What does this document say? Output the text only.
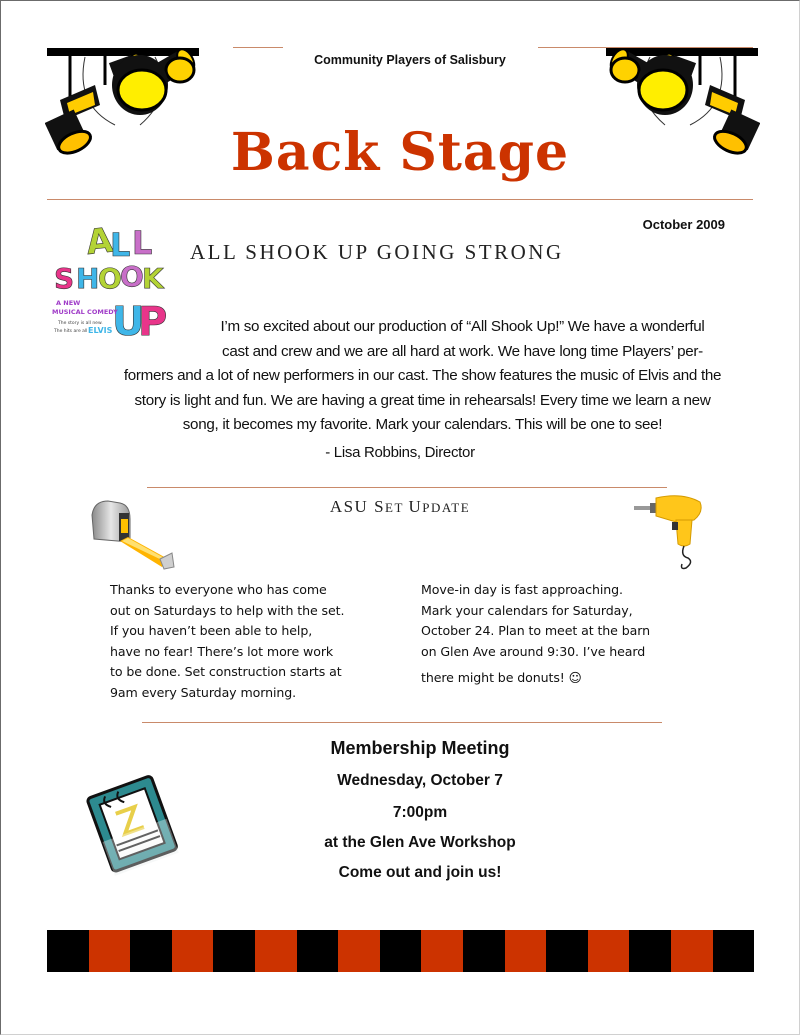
Community Players of Salisbury
Back Stage
October 2009
A
L L
S H
O
O
K
U
P
A NEW
MUSICAL COMEDY
The story is all new.
The hits are all ELVIS
ALL SHOOK UP GOING STRONG
I’m so excited about our production of “All Shook Up!” We have a wonderful
cast and crew and we are all hard at work. We have long time Players’ per-
formers and a lot of new performers in our cast. The show features the music of Elvis and the
story is light and fun. We are having a great time in rehearsals! Every time we learn a new
song, it becomes my favorite. Mark your calendars. This will be one to see!
- Lisa Robbins, Director
ASU SET UPDATE
Thanks to everyone who has come
out on Saturdays to help with the set.
If you haven’t been able to help,
have no fear! There’s lot more work
to be done. Set construction starts at
9am every Saturday morning.
Move-in day is fast approaching.
Mark your calendars for Saturday,
October 24. Plan to meet at the barn
on Glen Ave around 9:30. I’ve heard
there might be donuts! ☺
Membership Meeting
Wednesday, October 7
7:00pm
at the Glen Ave Workshop
Come out and join us!
